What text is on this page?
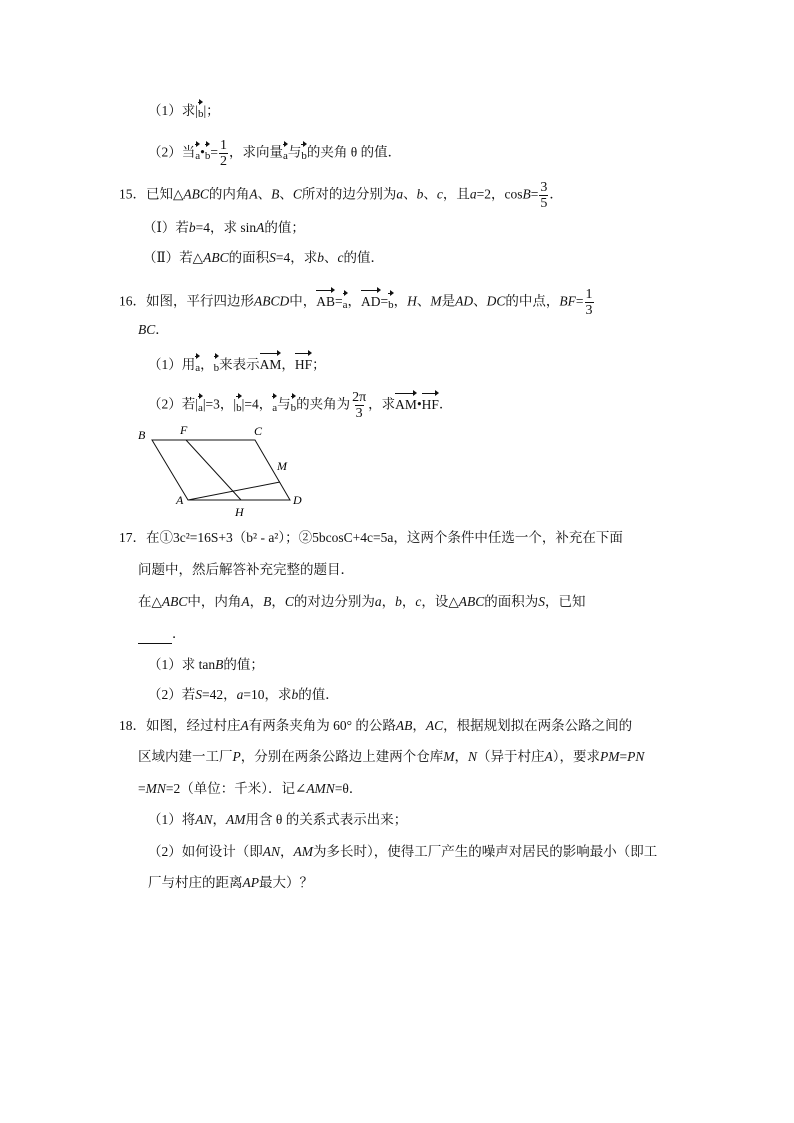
（1）求|b|；
（2）当a•b= $\frac{1}{2}$ ，求向量a与b的夹角 θ 的值．
15．已知△ABC的内角A、B、C所对的边分别为a、b、c，且a=2，$\cos B= \frac{3}{5}$ ．
（Ⅰ）若b=4，求 sinA的值；
（Ⅱ）若△ABC的面积S=4，求b、c的值．
16．如图，平行四边形ABCD中，AB=a，AD=b，H、M是AD、DC的中点，$BF= \frac{1}{3}$
BC．
（1）用a，b来表示AM，HF；
（2）若|a|=3，|b|=4，a与b的夹角为 $\frac{2\pi}{3}$ ，求AM•HF．
B	F	C
M
A
H
D
17．在①3c²=16S+3（b² - a²）；②5bcosC+4c=5a，这两个条件中任选一个，补充在下面
问题中，然后解答补充完整的题目．
在△ABC中，内角A，B，C的对边分别为a，b，c，设△ABC的面积为S，已知
．
（1）求 tanB的值；
（2）若S=42，a=10，求b的值．
18．如图，经过村庄A有两条夹角为 60° 的公路AB，AC，根据规划拟在两条公路之间的
区域内建一工厂P，分别在两条公路边上建两个仓库M，N（异于村庄A），要求PM=PN
=MN=2（单位：千米）．记∠AMN=θ．
（1）将AN，AM用含 θ 的关系式表示出来；
（2）如何设计（即AN，AM为多长时），使得工厂产生的噪声对居民的影响最小（即工
厂与村庄的距离AP最大）？
